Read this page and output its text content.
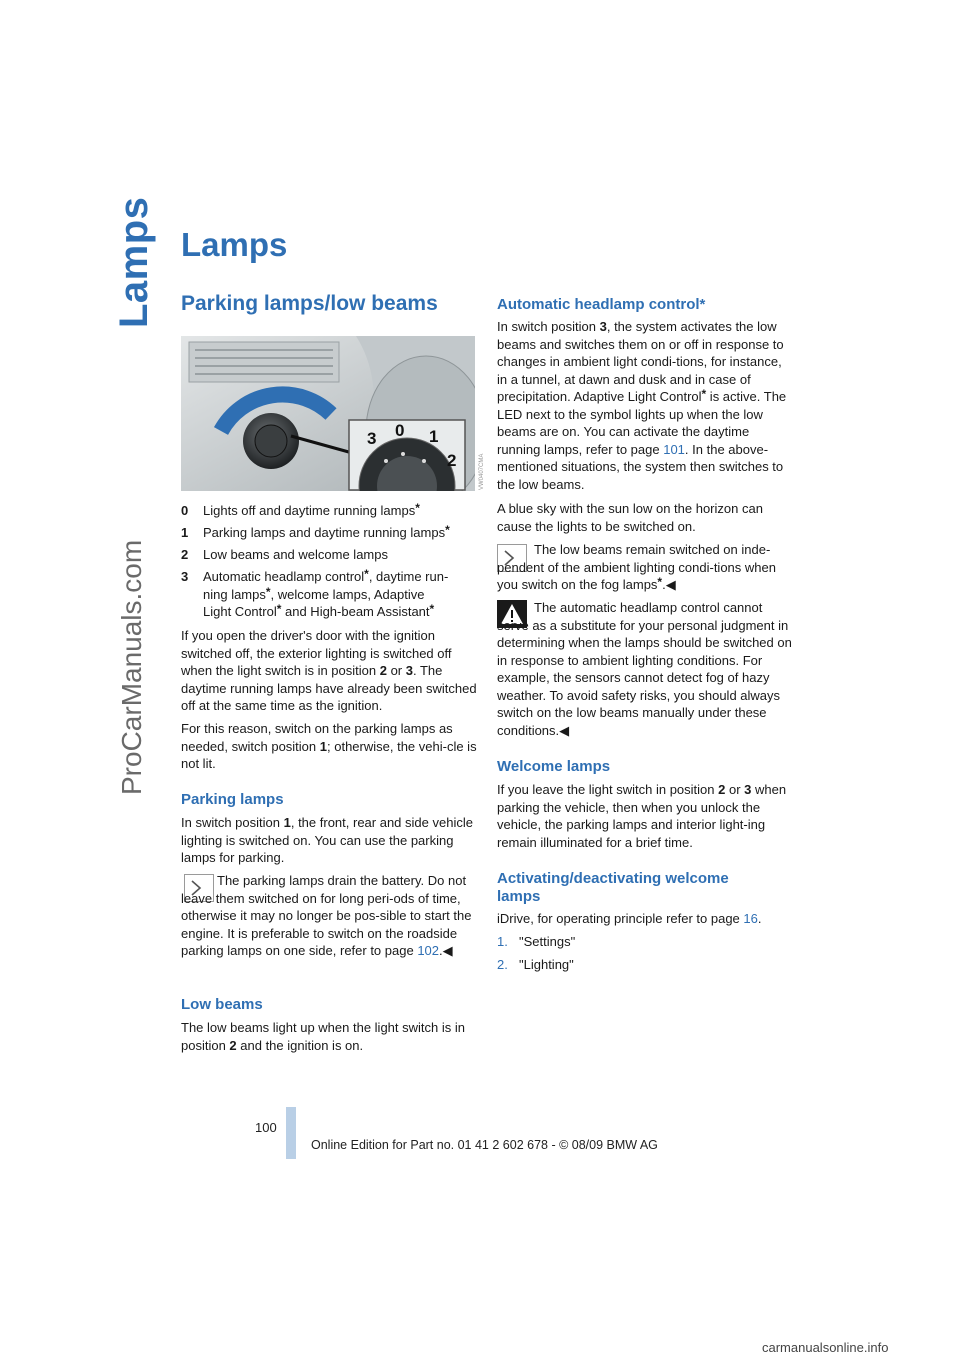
Lamps
ProCarManuals.com
Lamps
Parking lamps/low beams
3 0 1
2	VW0407CMA
0	Lights off and daytime running lamps*
1	Parking lamps and daytime running lamps*
2	Low beams and welcome lamps
3	Automatic headlamp control*, daytime run-
ning lamps*, welcome lamps, Adaptive
Light Control* and High-beam Assistant*

If you open the driver's door with the ignition switched off, the exterior lighting is switched off when the light switch is in position 2 or 3. The daytime running lamps have already been switched off at the same time as the ignition.

For this reason, switch on the parking lamps as needed, switch position 1; otherwise, the vehi-cle is not lit.

Parking lamps

In switch position 1, the front, rear and side vehicle lighting is switched on. You can use the parking lamps for parking.

The parking lamps drain the battery. Do not leave them switched on for long peri-ods of time, otherwise it may no longer be pos-sible to start the engine. It is preferable to switch on the roadside parking lamps on one side, refer to page 102.◀

Low beams

The low beams light up when the light switch is in position 2 and the ignition is on.

Automatic headlamp control*

In switch position 3, the system activates the low beams and switches them on or off in response to changes in ambient light condi-tions, for instance, in a tunnel, at dawn and dusk and in case of precipitation. Adaptive Light Control* is active. The LED next to the symbol lights up when the low beams are on. You can activate the daytime running lamps, refer to page 101. In the above-mentioned situations, the system then switches to the low beams.

A blue sky with the sun low on the horizon can cause the lights to be switched on.

The low beams remain switched on inde-pendent of the ambient lighting condi-tions when you switch on the fog lamps*.◀

The automatic headlamp control cannot serve as a substitute for your personal judgment in determining when the lamps should be switched on in response to ambient lighting conditions. For example, the sensors cannot detect fog of hazy weather. To avoid safety risks, you should always switch on the low beams manually under these conditions.◀

Welcome lamps

If you leave the light switch in position 2 or 3 when parking the vehicle, then when you unlock the vehicle, the parking lamps and interior light-ing remain illuminated for a brief time.

Activating/deactivating welcome
lamps

iDrive, for operating principle refer to page 16.

1. "Settings"
2. "Lighting"
100
Online Edition for Part no. 01 41 2 602 678 - © 08/09 BMW AG
carmanualsonline.info
